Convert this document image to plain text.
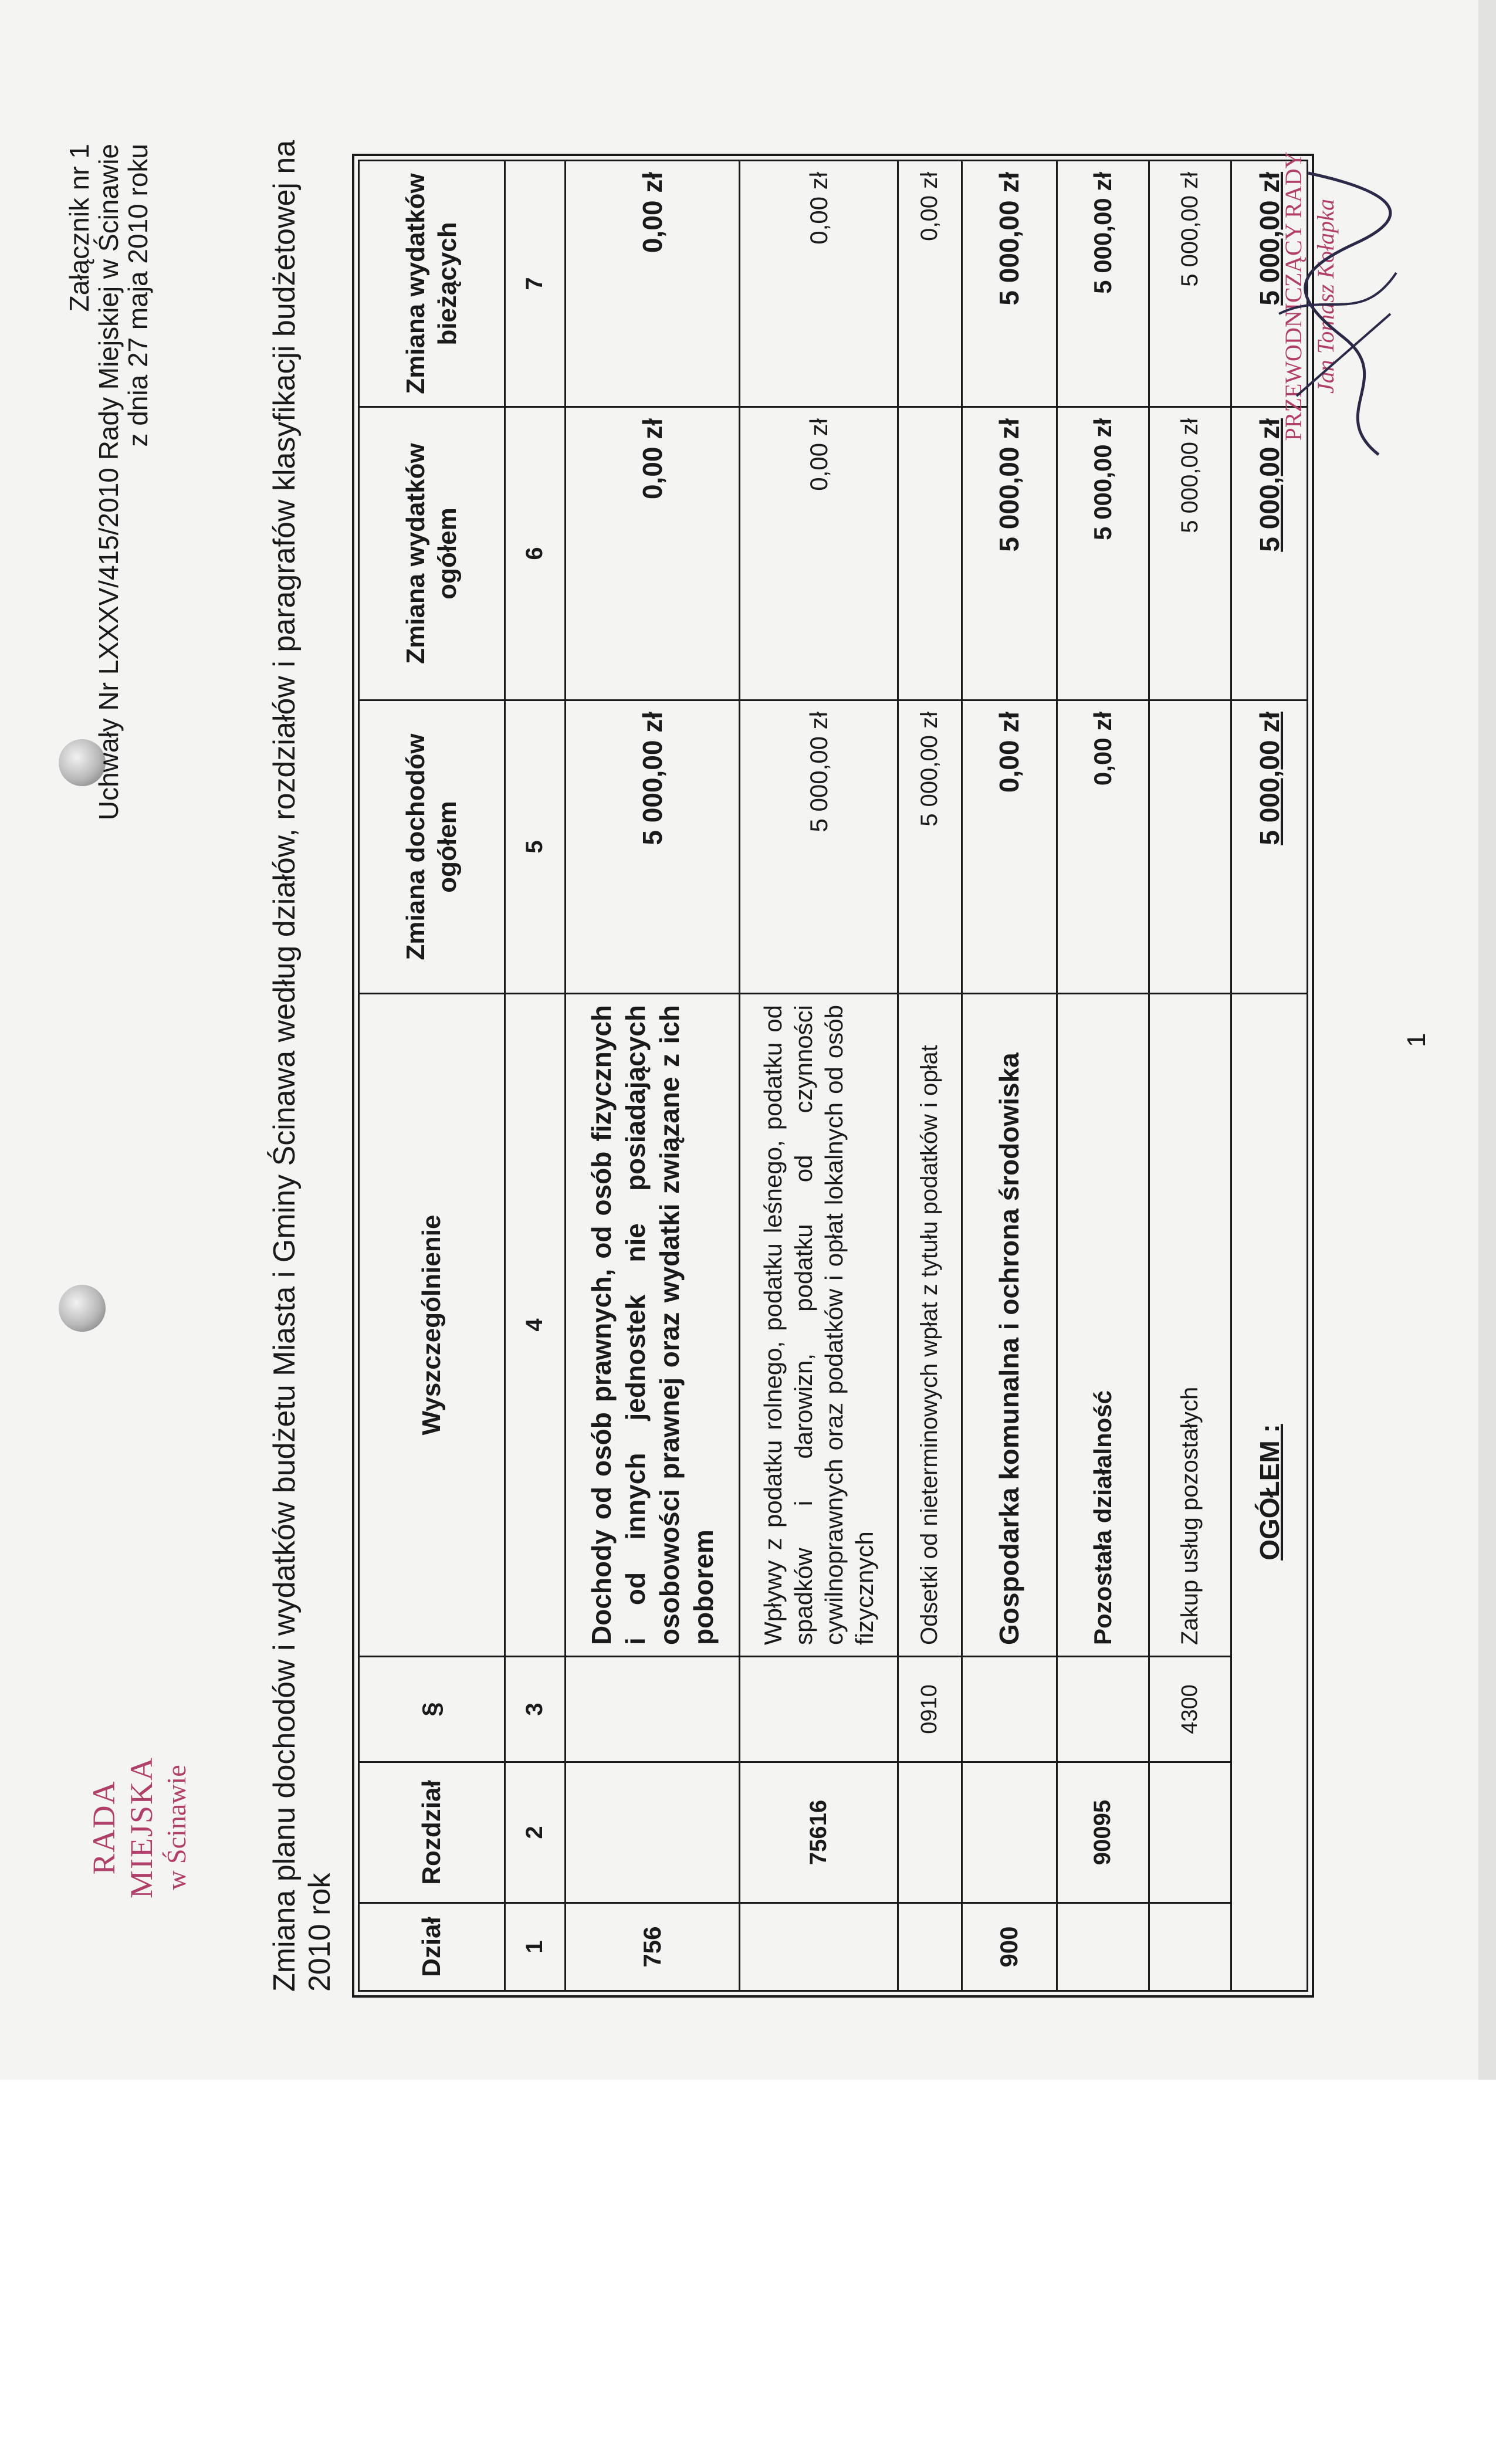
RADA MIEJSKA w Ścinawie
Załącznik nr 1
Uchwały Nr LXXXV/415/2010 Rady Miejskiej w Ścinawie
z dnia 27 maja 2010 roku	Zmiana planu dochodów i wydatków budżetu Miasta i Gminy Ścinawa według działów, rozdziałów i paragrafów klasyfikacji budżetowej na 2010 rok	Dział	Rozdział	§	Wyszczególnienie	Zmiana dochodów ogółem	Zmiana wydatków ogółem	Zmiana wydatków bieżących
1	2	3	4	5	6	7
756			Dochody od osób prawnych, od osób fizycznych i od innych jednostek nie posiadających osobowości prawnej oraz wydatki związane z ich poborem	5 000,00 zł	0,00 zł	0,00 zł
	75616		Wpływy z podatku rolnego, podatku leśnego, podatku od spadków i darowizn, podatku od czynności cywilnoprawnych oraz podatków i opłat lokalnych od osób fizycznych	5 000,00 zł	0,00 zł	0,00 zł
		0910	Odsetki od nieterminowych wpłat z tytułu podatków i opłat	5 000,00 zł		0,00 zł
900			Gospodarka komunalna i ochrona środowiska	0,00 zł	5 000,00 zł	5 000,00 zł
	90095		Pozostała działalność	0,00 zł	5 000,00 zł	5 000,00 zł
		4300	Zakup usług pozostałych		5 000,00 zł	5 000,00 zł
OGÓŁEM :				5 000,00 zł	5 000,00 zł	5 000,00 zł
PRZEWODNICZĄCY RADY Jan Tomasz Kołapka
1
